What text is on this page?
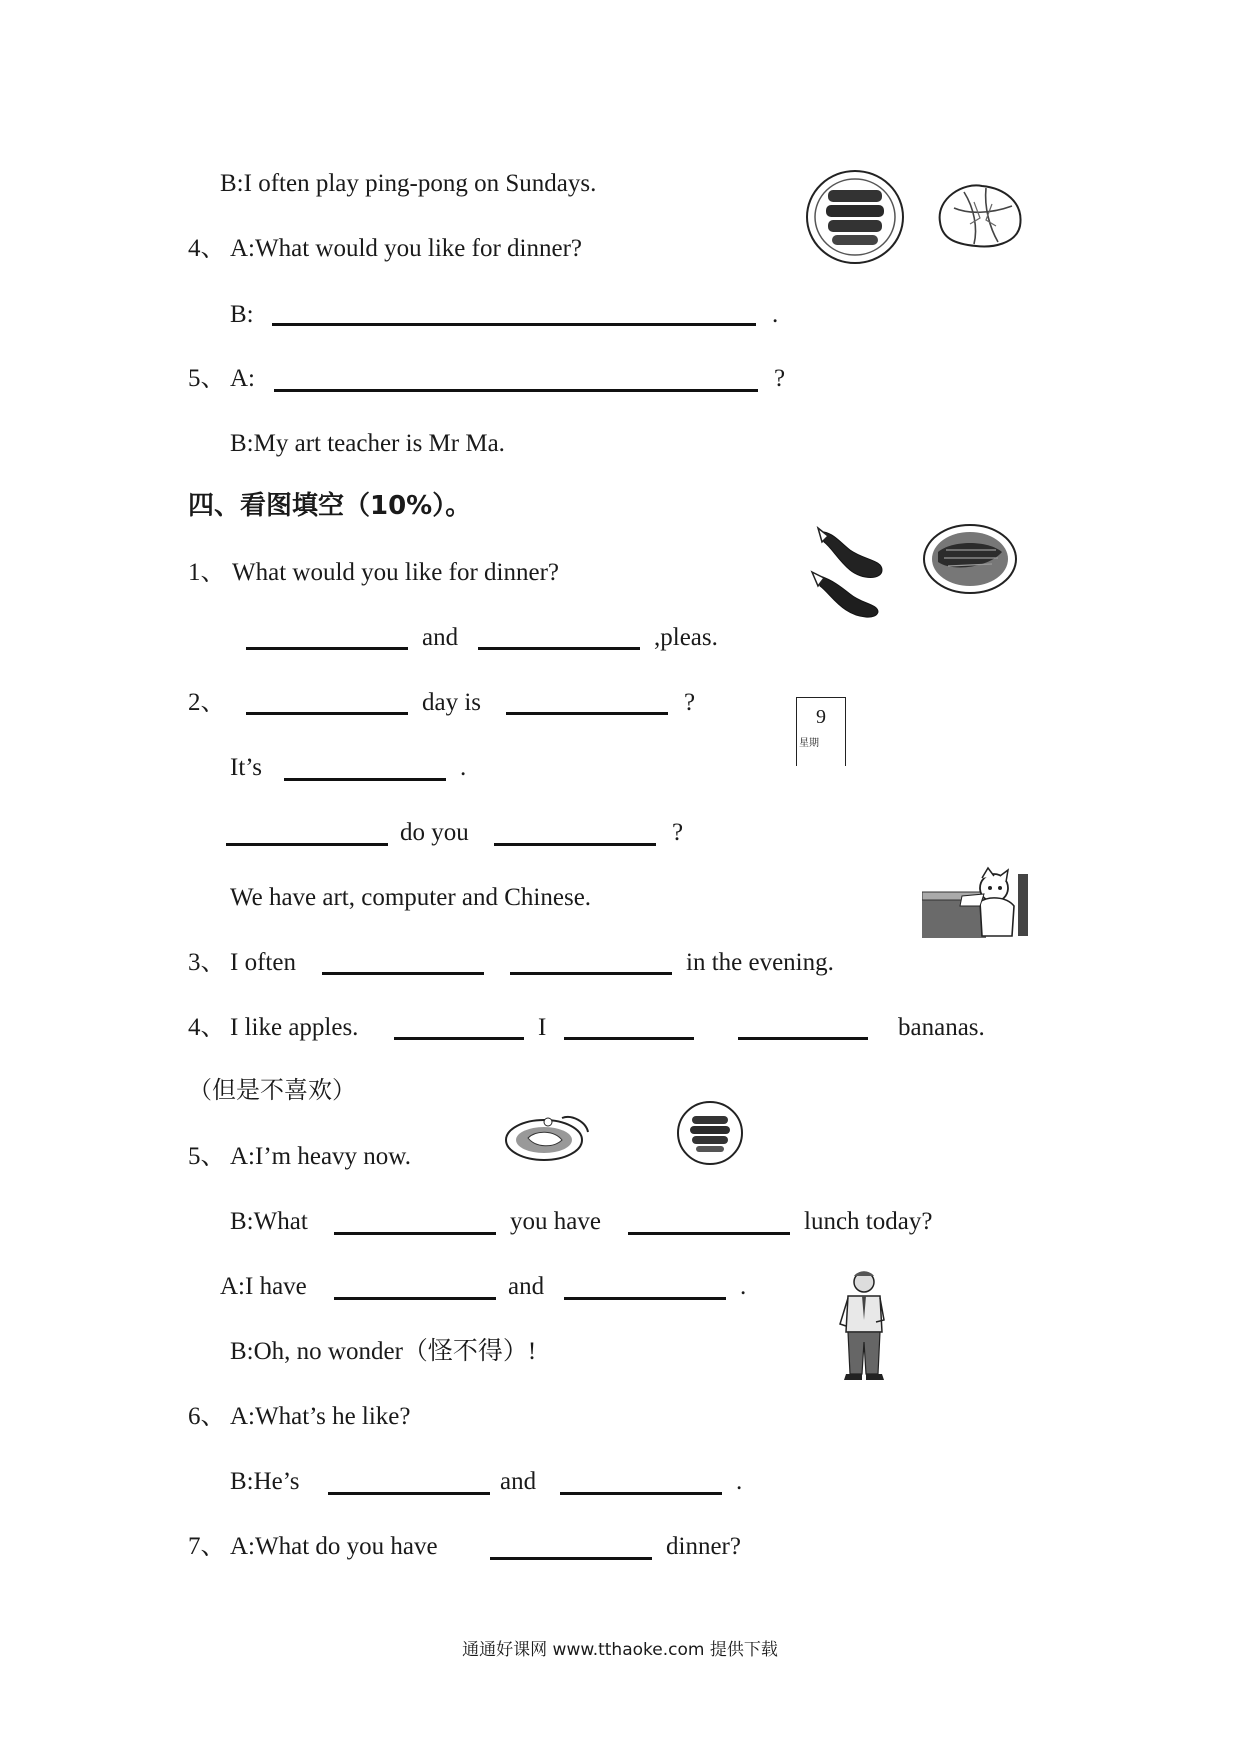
B:I often play ping-pong on Sundays.
4、 A:What would you like for dinner?
B:	.
5、 A:	?
B:My art teacher is Mr Ma.
四、看图填空（10%）。
1、 What would you like for dinner?
and	,pleas.
2、	day is	?
It’s	.
do you	?
We have art, computer and Chinese.
9
星期
3、 I often	in the evening.
4、 I like apples.	I	bananas.
（但是不喜欢）
5、 A:I’m heavy now.
B:What	you have	lunch today?
A:I have	and	.
B:Oh, no wonder（怪不得）!
6、 A:What’s he like?
B:He’s	and	.
7、 A:What do you have	dinner?
通通好课网 www.tthaoke.com 提供下载
